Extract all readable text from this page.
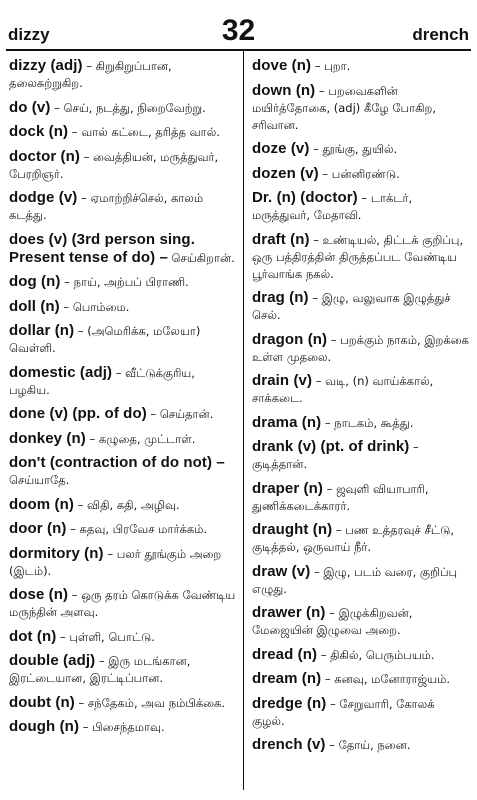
dizzy	32	drench
dizzy (adj) – கிறுகிறுப்பான, தலைசுற்றுகிற.
do (v) – செய், நடத்து, நிறைவேற்று.
dock (n) – வால் கட்டை, தரித்த வால்.
doctor (n) – வைத்தியன், மருத்துவர், பேரறிஞர்.
dodge (v) – ஏமாற்றிச்செல், காலம் கடத்து.
does (v) (3rd person sing. Present tense of do) – செய்கிறான்.
dog (n) – நாய், அற்பப் பிராணி.
doll (n) – பொம்மை.
dollar (n) – (அமெரிக்க, மலேயா) வெள்ளி.
domestic (adj) – வீட்டுக்குரிய, பழகிய.
done (v) (pp. of do) – செய்தான்.
donkey (n) – கழுதை, முட்டாள்.
don't (contraction of do not) – செய்யாதே.
doom (n) – விதி, கதி, அழிவு.
door (n) – கதவு, பிரவேச மார்க்கம்.
dormitory (n) – பலர் தூங்கும் அறை (இடம்).
dose (n) – ஒரு தரம் கொடுக்க வேண்டிய மருந்தின் அளவு.
dot (n) – புள்ளி, பொட்டு.
double (adj) – இரு மடங்கான, இரட்டையான, இரட்டிப்பான.
doubt (n) – சந்தேகம், அவ நம்பிக்கை.
dough (n) – பிசைந்தமாவு.
dove (n) – புறா.
down (n) – பறவைகளின் மயிர்த்தோகை, (adj) கீழே போகிற, சரிவான.
doze (v) – தூங்கு, துயில்.
dozen (v) – பன்னிரண்டு.
Dr. (n) (doctor) – டாக்டர், மருத்துவர், மேதாவி.
draft (n) – உண்டியல், திட்டக் குறிப்பு, ஒரு பத்திரத்தின் திருத்தப்பட வேண்டிய பூர்வாங்க நகல்.
drag (n) – இழு, வலுவாக இழுத்துச் செல்.
dragon (n) – பறக்கும் நாகம், இறக்கை உள்ள முதலை.
drain (v) – வடி, (n) வாய்க்கால், சாக்கடை.
drama (n) – நாடகம், கூத்து.
drank (v) (pt. of drink) – குடித்தான்.
draper (n) – ஜவுளி வியாபாரி, துணிக்கடைக்காரர்.
draught (n) – பண உத்தரவுச் சீட்டு, குடித்தல், ஒருவாய் நீர்.
draw (v) – இழு, படம் வரை, குறிப்பு எழுது.
drawer (n) – இழுக்கிறவன், மேஜையின் இழுவை அறை.
dread (n) – திகில், பெரும்பயம்.
dream (n) – கனவு, மனோராஜ்யம்.
dredge (n) – சேறுவாரி, கோலக் குழல்.
drench (v) – தோய், நனை.
